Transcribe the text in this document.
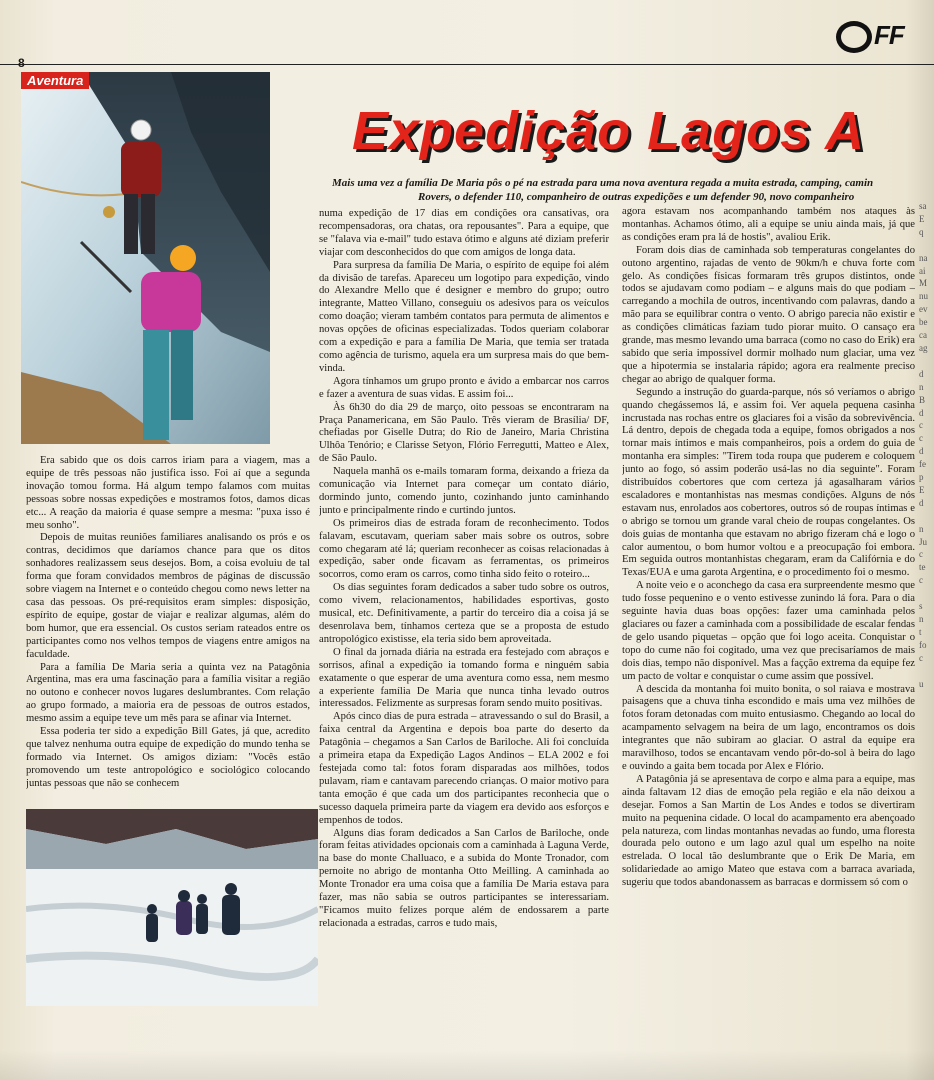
8
FF
Aventura
Expedição Lagos A
Mais uma vez a família De Maria pôs o pé na estrada para uma nova aventura regada a muita estrada, camping, camin
Rovers, o defender 110, companheiro de outras expedições e um defender 90, novo companheiro

Era sabido que os dois carros iriam para a viagem, mas a equipe de três pessoas não justifica isso. Foi aí que a segunda inovação tomou forma. Há algum tempo falamos com muitas pessoas sobre nossas expedições e mostramos fotos, damos dicas etc... A reação da maioria é quase sempre a mesma: "puxa isso é meu sonho".

Depois de muitas reuniões familiares analisando os prós e os contras, decidimos que daríamos chance para que os ditos sonhadores realizassem seus desejos. Bom, a coisa evoluiu de tal forma que foram convidados membros de páginas de discussão sobre viagem na Internet e o conteúdo chegou como news letter na casa das pessoas. Os pré-requisitos eram simples: disposição, espírito de equipe, gostar de viajar e realizar algumas, além do bom humor, que era essencial. Os custos seriam rateados entre os participantes como nos velhos tempos de viagens entre amigos na faculdade.

Para a família De Maria seria a quinta vez na Patagônia Argentina, mas era uma fascinação para a família visitar a região no outono e conhecer novos lugares deslumbrantes. Com relação ao grupo formado, a maioria era de pessoas de outros estados, mesmo assim a equipe teve um mês para se afinar via Internet.

Essa poderia ter sido a expedição Bill Gates, já que, acredito que talvez nenhuma outra equipe de expedição do mundo tenha se formado via Internet. Os amigos diziam: "Vocês estão promovendo um teste antropológico e sociológico colocando juntas pessoas que não se conhecem

numa expedição de 17 dias em condições ora cansativas, ora recompensadoras, ora chatas, ora repousantes". Para a equipe, que se "falava via e-mail" tudo estava ótimo e alguns até diziam preferir viajar com desconhecidos do que com amigos de longa data.

Para surpresa da família De Maria, o espírito de equipe foi além da divisão de tarefas. Apareceu um logotipo para expedição, vindo do Alexandre Mello que é designer e membro do grupo; outro integrante, Matteo Villano, conseguiu os adesivos para os veículos como doação; vieram também contatos para permuta de alimentos e novas opções de oficinas especializadas. Todos queriam colaborar com a expedição e para a família De Maria, que temia ser tratada como agência de turismo, aquela era um surpresa mais do que bem-vinda.

Agora tínhamos um grupo pronto e ávido a embarcar nos carros e fazer a aventura de suas vidas. E assim foi...

Às 6h30 do dia 29 de março, oito pessoas se encontraram na Praça Panamericana, em São Paulo. Três vieram de Brasília/ DF, chefiadas por Giselle Dutra; do Rio de Janeiro, Maria Christina Ulhôa Tenório; e Clarisse Setyon, Flório Ferregutti, Matteo e Alex, de São Paulo.

Naquela manhã os e-mails tomaram forma, deixando a frieza da comunicação via Internet para começar um contato diário, dormindo junto, comendo junto, cozinhando junto caminhando junto e principalmente rindo e curtindo juntos.

Os primeiros dias de estrada foram de reconhecimento. Todos falavam, escutavam, queriam saber mais sobre os outros, sobre como chegaram até lá; queriam reconhecer as coisas relacionadas à expedição, saber onde ficavam as ferramentas, os primeiros socorros, como eram os carros, como tinha sido feito o roteiro...

Os dias seguintes foram dedicados a saber tudo sobre os outros, como vivem, relacionamentos, habilidades esportivas, gosto musical, etc. Definitivamente, a partir do terceiro dia a coisa já se desenrolava bem, tínhamos certeza que se a proposta de estudo antropológico existisse, ela teria sido bem aproveitada.

O final da jornada diária na estrada era festejado com abraços e sorrisos, afinal a expedição ia tomando forma e ninguém sabia exatamente o que esperar de uma aventura como essa, nem mesmo a experiente família De Maria que nunca tinha levado outros interessados. Felizmente as surpresas foram sendo muito positivas.

Após cinco dias de pura estrada – atravessando o sul do Brasil, a faixa central da Argentina e depois boa parte do deserto da Patagônia – chegamos a San Carlos de Bariloche. Ali foi concluída a primeira etapa da Expedição Lagos Andinos – ELA 2002 e foi festejada como tal: fotos foram disparadas aos milhões, todos pulavam, riam e cantavam parecendo crianças. O maior motivo para tanta emoção é que cada um dos participantes reconhecia que o sucesso daquela primeira parte da viagem era devido aos esforços e empenhos de todos.

Alguns dias foram dedicados a San Carlos de Bariloche, onde foram feitas atividades opcionais com a caminhada à Laguna Verde, na base do monte Challuaco, e a subida do Monte Tronador, com pernoite no abrigo de montanha Otto Meilling. A caminhada ao Monte Tronador era uma coisa que a família De Maria estava para fazer, mas não sabia se outros participantes se interessariam. "Ficamos muito felizes porque além de endossarem a parte relacionada a estradas, carros e tudo mais,

agora estavam nos acompanhando também nos ataques às montanhas. Achamos ótimo, ali a equipe se uniu ainda mais, já que as condições eram pra lá de hostis", avaliou Erik.

Foram dois dias de caminhada sob temperaturas congelantes do outono argentino, rajadas de vento de 90km/h e chuva forte com gelo. As condições físicas formaram três grupos distintos, onde todos se ajudavam como podiam – e alguns mais do que podiam – carregando a mochila de outros, incentivando com palavras, dando a mão para se equilibrar contra o vento. O abrigo parecia não existir e as condições climáticas faziam tudo piorar muito. O cansaço era grande, mas mesmo levando uma barraca (como no caso do Erik) era sabido que seria impossível dormir molhado num glaciar, uma vez que a hipotermia se instalaria rápido; agora era realmente preciso chegar ao abrigo de qualquer forma.

Segundo a instrução do guarda-parque, nós só veríamos o abrigo quando chegássemos lá, e assim foi. Ver aquela pequena casinha incrustada nas rochas entre os glaciares foi a visão da sobrevivência. Lá dentro, depois de chegada toda a equipe, fomos obrigados a nos tornar mais íntimos e mais companheiros, pois a ordem do guia de montanha era simples: "Tirem toda roupa que puderem e coloquem junto ao fogo, só assim poderão usá-las no dia seguinte". Foram distribuídos cobertores que com certeza já agasalharam vários escaladores e montanhistas nas mesmas condições. Alguns de nós estavam nus, enrolados aos cobertores, outros só de roupas íntimas e o abrigo se tornou um grande varal cheio de roupas congelantes. Os dois guias de montanha que estavam no abrigo fizeram chá e logo o calor aumentou, o bom humor voltou e a preocupação foi embora. Em seguida outros montanhistas chegaram, eram da Califórnia e do Texas/EUA e uma garota Argentina, e o procedimento foi o mesmo.

A noite veio e o aconchego da casa era surpreendente mesmo que tudo fosse pequenino e o vento estivesse zunindo lá fora. Para o dia seguinte havia duas boas opções: fazer uma caminhada pelos glaciares ou fazer a caminhada com a possibilidade de escalar fendas de gelo usando piquetas – opção que foi logo aceita. Conquistar o topo do cume não foi cogitado, uma vez que precisaríamos de mais dois dias, tempo não disponível. Mas a façção extrema da equipe fez um pacto de voltar e conquistar o cume assim que possível.

A descida da montanha foi muito bonita, o sol raiava e mostrava paisagens que a chuva tinha escondido e mais uma vez milhões de fotos foram detonadas com muito entusiasmo. Chegando ao local do acampamento selvagem na beira de um lago, encontramos os dois integrantes que não subiram ao glaciar. O astral da equipe era maravilhoso, todos se encantavam vendo pôr-do-sol à beira do lago e ouvindo a gaita bem tocada por Alex e Flório.

A Patagônia já se apresentava de corpo e alma para a equipe, mas ainda faltavam 12 dias de emoção pela região e ela não deixou a desejar. Fomos a San Martin de Los Andes e todos se divertiram muito na pequenina cidade. O local do acampamento era abençoado pela natureza, com lindas montanhas nevadas ao fundo, uma floresta dourada pelo outono e um lago azul qual um espelho na noite estrelada. O local tão deslumbrante que o Erik De Maria, em solidariedade ao amigo Mateo que estava com a barraca avariada, sugeriu que todos abandonassem as barracas e dormissem só com o

sa
E
q

na
ai
M
nu
ev
be
ca
ag

d
n
B
d
c
c
d
fe
p
E
d

n
Ju
c
te
c

s
n
t
fo
c

u
